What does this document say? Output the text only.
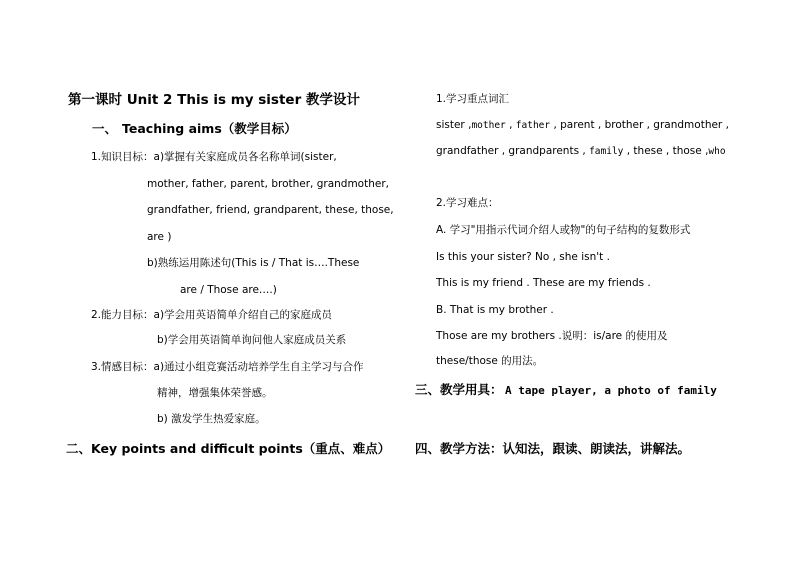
第一课时 Unit 2 This is my sister 教学设计
一、 Teaching aims（教学目标）
1.知识目标：a)掌握有关家庭成员各名称单词(sister,
mother, father, parent, brother, grandmother,
grandfather, friend, grandparent, these, those,
are )
b)熟练运用陈述句(This is / That is….These
are / Those are….)
2.能力目标：a)学会用英语简单介绍自己的家庭成员
b)学会用英语简单询问他人家庭成员关系
3.情感目标：a)通过小组竞赛活动培养学生自主学习与合作
精神，增强集体荣誉感。
b) 激发学生热爱家庭。
二、Key points and difficult points（重点、难点）
1.学习重点词汇
sister ,mother , father , parent , brother , grandmother ,
grandfather , grandparents , family , these , those ,who
2.学习难点：
A. 学习"用指示代词介绍人或物"的句子结构的复数形式
Is this your sister? No , she isn't .
This is my friend . These are my friends .
B. That is my brother .
Those are my brothers .说明：is/are 的使用及
these/those 的用法。
三、教学用具： A tape player, a photo of family
四、教学方法：认知法，跟读、朗读法，讲解法。
